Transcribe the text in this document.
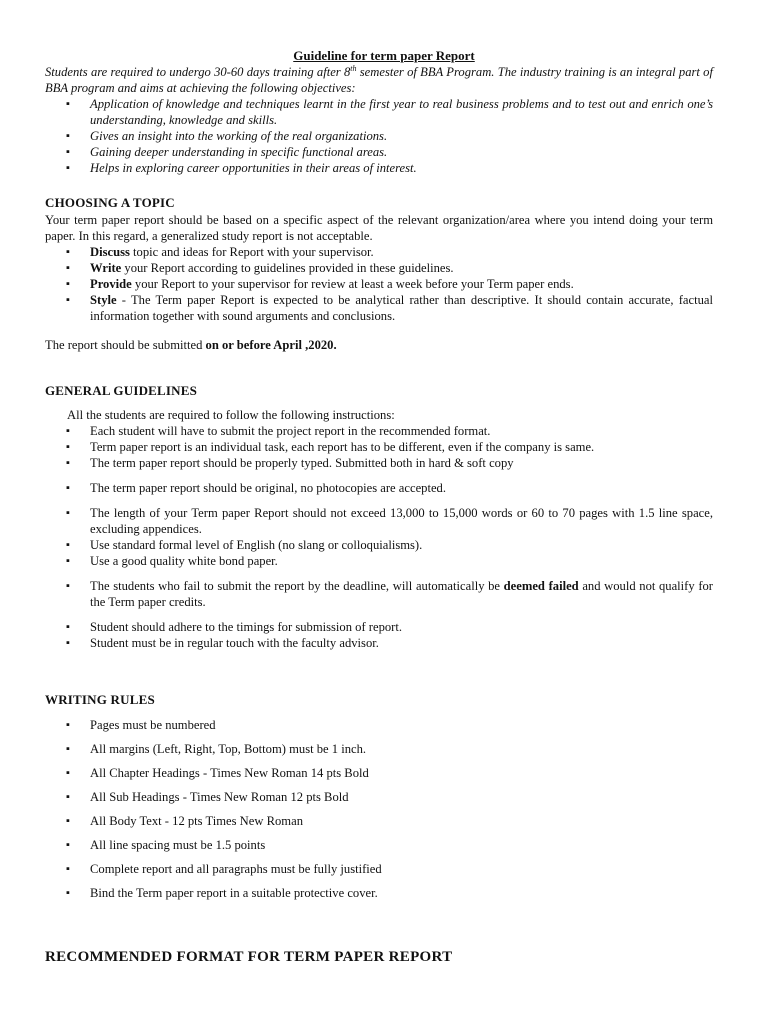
Guideline for term paper Report
Students are required to undergo 30-60 days training after 8th semester of BBA Program. The industry training is an integral part of BBA program and aims at achieving the following objectives:
▪ Application of knowledge and techniques learnt in the first year to real business problems and to test out and enrich one’s understanding, knowledge and skills.
▪ Gives an insight into the working of the real organizations.
▪ Gaining deeper understanding in specific functional areas.
▪ Helps in exploring career opportunities in their areas of interest.
CHOOSING A TOPIC
Your term paper report should be based on a specific aspect of the relevant organization/area where you intend doing your term paper. In this regard, a generalized study report is not acceptable.
▪ Discuss topic and ideas for Report with your supervisor.
▪ Write your Report according to guidelines provided in these guidelines.
▪ Provide your Report to your supervisor for review at least a week before your Term paper ends.
▪ Style - The Term paper Report is expected to be analytical rather than descriptive. It should contain accurate, factual information together with sound arguments and conclusions.
The report should be submitted on or before April ,2020.
GENERAL GUIDELINES
All the students are required to follow the following instructions:
▪ Each student will have to submit the project report in the recommended format.
▪ Term paper report is an individual task, each report has to be different, even if the company is same.
▪ The term paper report should be properly typed. Submitted both in hard & soft copy
▪ The term paper report should be original, no photocopies are accepted.
▪ The length of your Term paper Report should not exceed 13,000 to 15,000 words or 60 to 70 pages with 1.5 line space, excluding appendices.
▪ Use standard formal level of English (no slang or colloquialisms).
▪ Use a good quality white bond paper.
▪ The students who fail to submit the report by the deadline, will automatically be deemed failed and would not qualify for the Term paper credits.
▪ Student should adhere to the timings for submission of report.
▪ Student must be in regular touch with the faculty advisor.
WRITING RULES
▪ Pages must be numbered
▪ All margins (Left, Right, Top, Bottom) must be 1 inch.
▪ All Chapter Headings - Times New Roman 14 pts Bold
▪ All Sub Headings - Times New Roman 12 pts Bold
▪ All Body Text - 12 pts Times New Roman
▪ All line spacing must be 1.5 points
▪ Complete report and all paragraphs must be fully justified
▪ Bind the Term paper report in a suitable protective cover.
RECOMMENDED FORMAT FOR TERM PAPER REPORT
